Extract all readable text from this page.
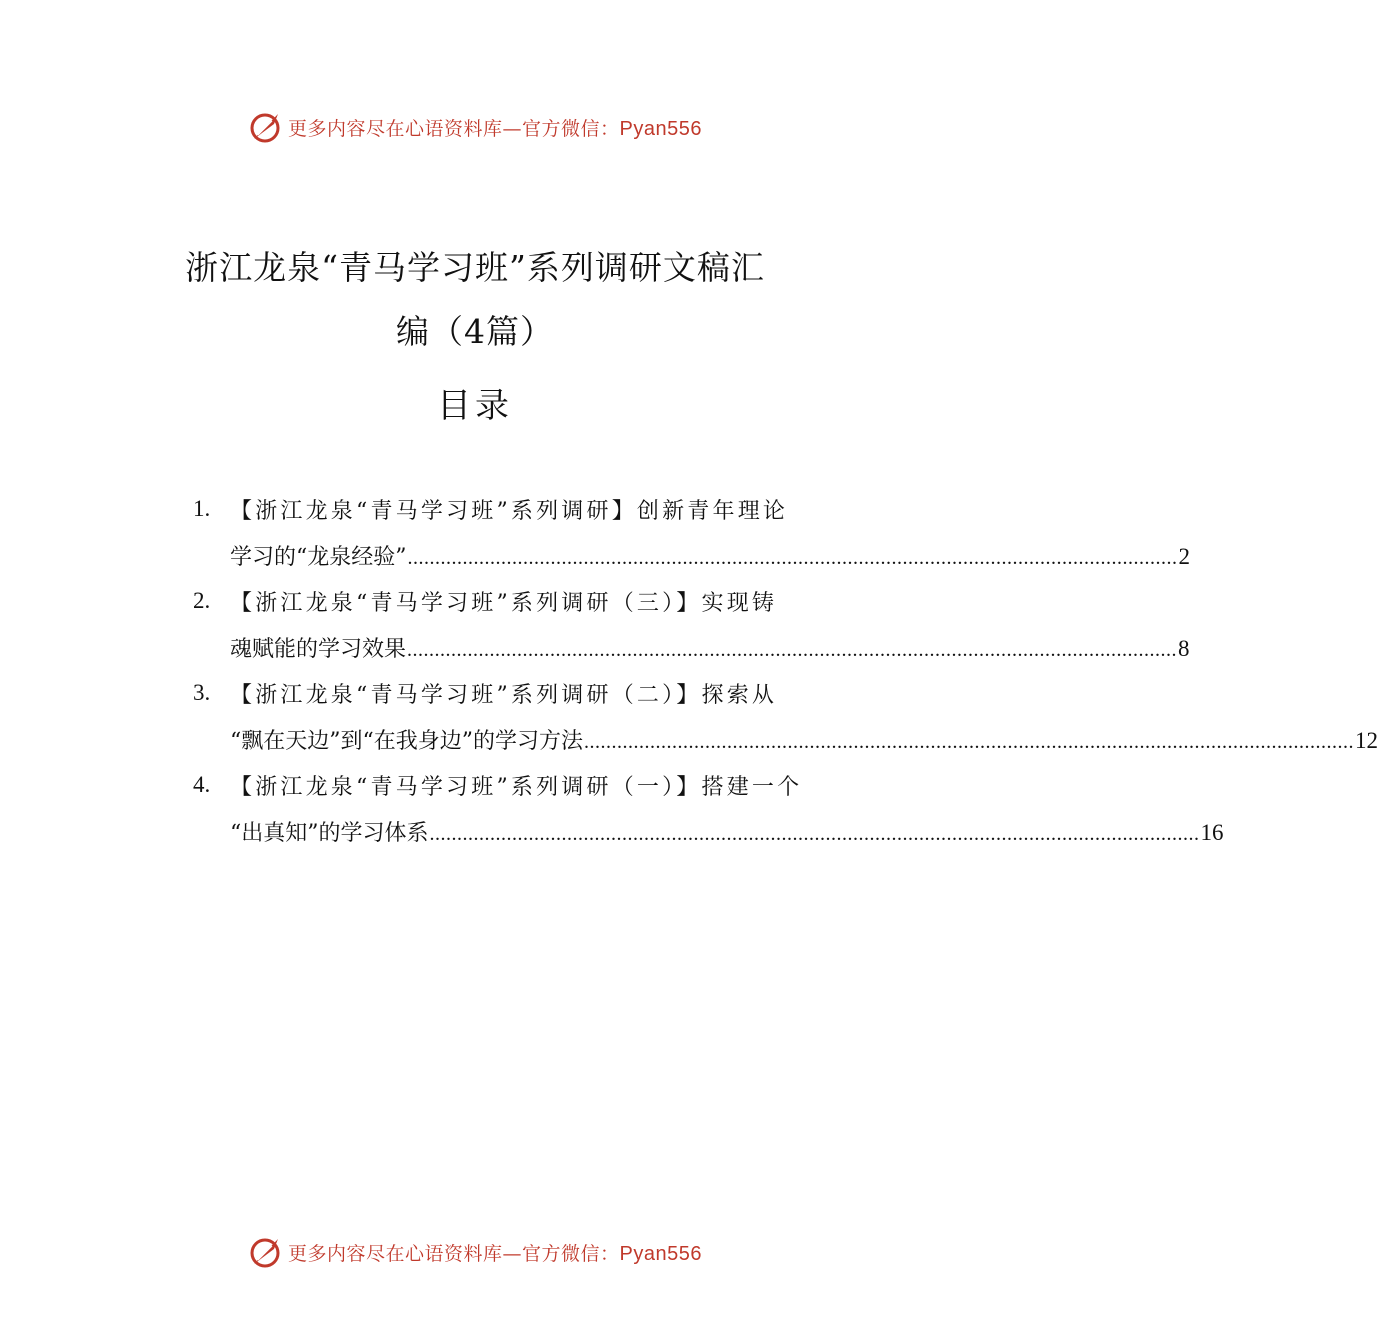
更多内容尽在心语资料库—官方微信：Pyan556
浙江龙泉“青马学习班”系列调研文稿汇
编（4篇）
目录
1. 【浙江龙泉“青马学习班”系列调研】创新青年理论
学习的“龙泉经验” ............................................................................................................................................ 2
2. 【浙江龙泉“青马学习班”系列调研（三）】实现铸
魂赋能的学习效果 ............................................................................................................................................ 8
3. 【浙江龙泉“青马学习班”系列调研（二）】探索从
“飘在天边”到“在我身边”的学习方法 ............................................................................................................................................ 12
4. 【浙江龙泉“青马学习班”系列调研（一）】搭建一个
“出真知”的学习体系 ............................................................................................................................................ 16
更多内容尽在心语资料库—官方微信：Pyan556
